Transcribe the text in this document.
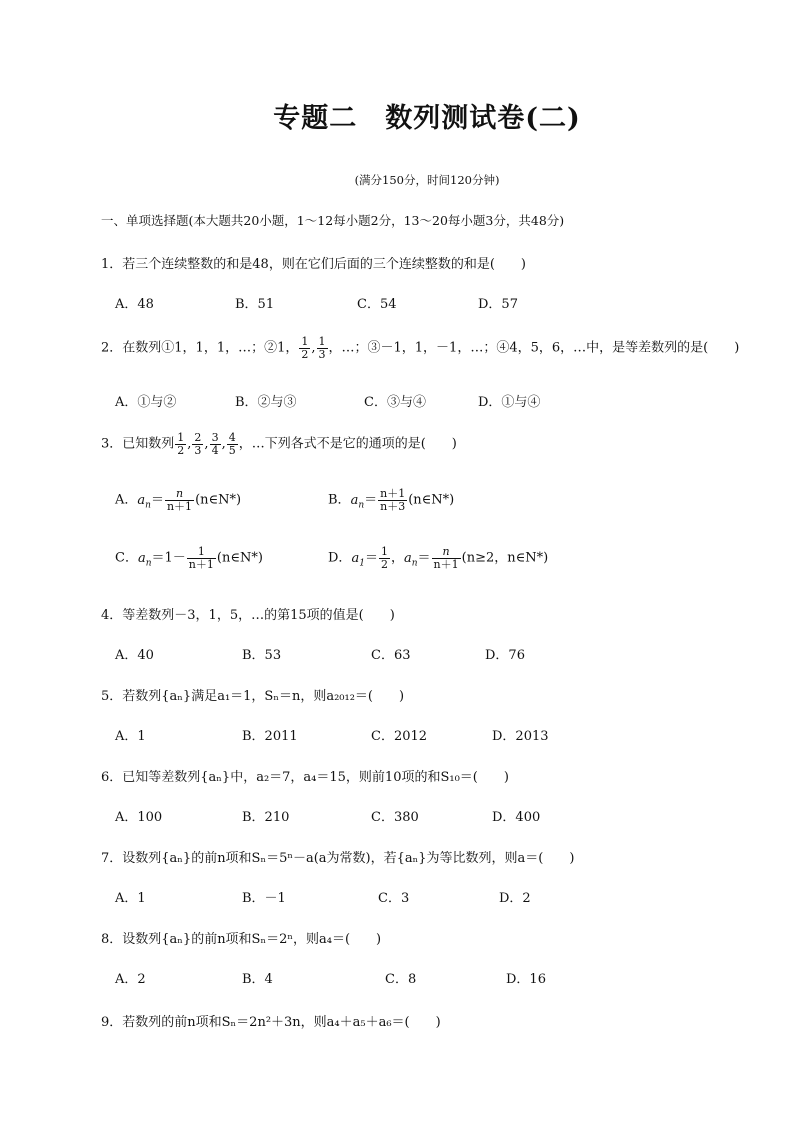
专题二　数列测试卷(二)
(满分150分，时间120分钟)
一、单项选择题(本大题共20小题，1～12每小题2分，13～20每小题3分，共48分)
1．若三个连续整数的和是48，则在它们后面的三个连续整数的和是(　　)
A．48	B．51	C．54	D．57
2．在数列①1，1，1，…；②1， $\frac{1}{2}$ , $\frac{1}{3}$ ，…；③－1，1，－1，…；④4，5，6，…中，是等差数列的是(　　)
A．①与②	B．②与③	C．③与④	D．①与④
3．已知数列 $\frac{1}{2}$ , $\frac{2}{3}$ , $\frac{3}{4}$ , $\frac{4}{5}$ ，…下列各式不是它的通项的是(　　)
A．$a_n= \frac{n}{n+1}$ (n∈N*)	B．$a_n= \frac{n+1}{n+3}$ (n∈N*)
C．$a_n=1- \frac{1}{n+1}$ (n∈N*)	D．$a_1= \frac{1}{2}$ ，$a_n= \frac{n}{n+1} (n\ge 2$，n∈N*)
4．等差数列－3，1，5，…的第15项的值是(　　)
A．40	B．53	C．63	D．76
5．若数列{aₙ}满足a₁＝1，Sₙ＝n，则a₂₀₁₂＝(　　)
A．1	B．2011	C．2012	D．2013
6．已知等差数列{aₙ}中，a₂＝7，a₄＝15，则前10项的和S₁₀＝(　　)
A．100	B．210	C．380	D．400
7．设数列{aₙ}的前n项和Sₙ＝5ⁿ－a(a为常数)，若{aₙ}为等比数列，则a＝(　　)
A．1	B．－1	C．3	D．2
8．设数列{aₙ}的前n项和Sₙ＝2ⁿ，则a₄＝(　　)
A．2	B．4	C．8	D．16
9．若数列的前n项和Sₙ＝2n²＋3n，则a₄＋a₅＋a₆＝(　　)
